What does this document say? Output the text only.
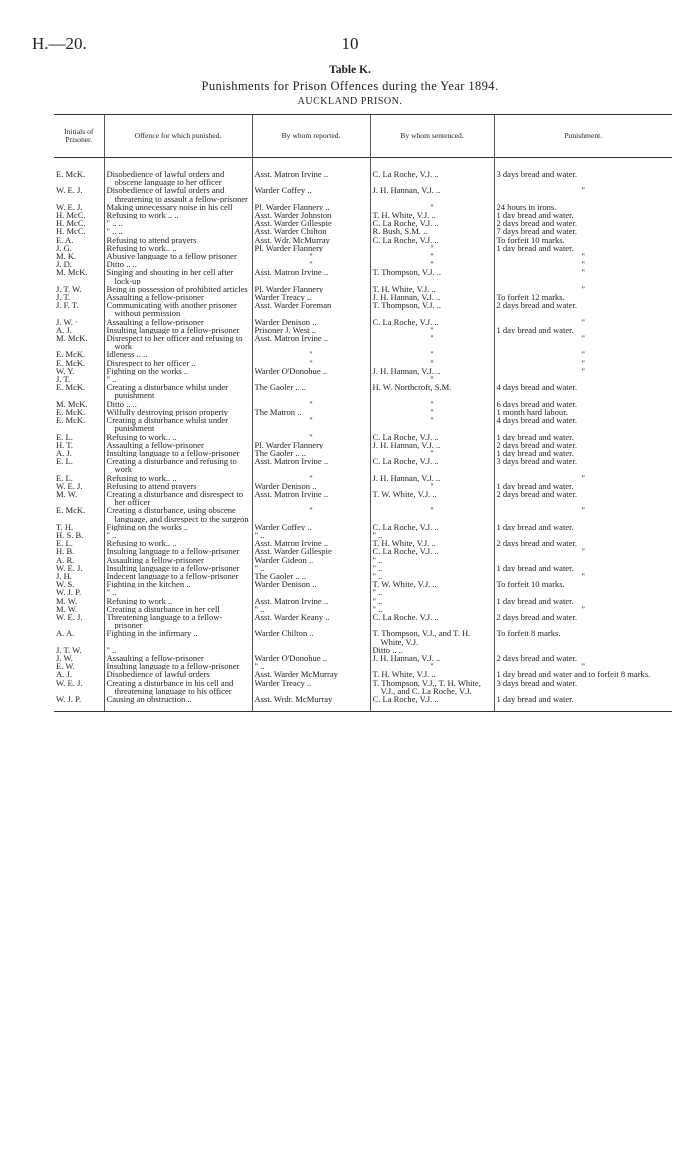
H.—20.	10
Table K.
Punishments for Prison Offences during the Year 1894.
AUCKLAND PRISON.
Initials of Prisoner.	Offence for which punished.	By whom reported.	By whom sentenced.	Punishment.
E. McK.	Disobedience of lawful orders and obscene language to her officer	Asst. Matron Irvine ..	C. La Roche, V.J. ..	3 days bread and water.
W. E. J.	Disobedience of lawful orders and threatening to assault a fellow-prisoner	Warder Coffey ..	J. H. Hannan, V.J. ..	"
W. E. J.	Making unnecessary noise in his cell	Pl. Warder Flannery ..	"	24 hours in irons.
H. McC.	Refusing to work .. ..	Asst. Warder Johnston	T. H. White, V.J. ..	1 day bread and water.
H. McC.	" .. ..	Asst. Warder Gillespie	C. La Roche, V.J. ..	2 days bread and water.
H. McC.	" .. ..	Asst. Warder Chilton	R. Bush, S.M. ..	7 days bread and water.
E. A.	Refusing to attend prayers	Asst. Wdr. McMurray	C. La Roche, V.J. ..	To forfeit 10 marks.
J. G.	Refusing to work.. ..	Pl. Warder Flannery	"	1 day bread and water.
M. K.	Abusive language to a fellow prisoner	"	"	"
J. D.	Ditto .. ..	"	"	"
M. McK.	Singing and shouting in her cell after lock-up	Asst. Matron Irvine ..	T. Thompson, V.J. ..	"
J. T. W.	Being in possession of prohibited articles	Pl. Warder Flannery	T. H. White, V.J. ..	"
J. T.	Assaulting a fellow-prisoner	Warder Treacy ..	J. H. Hannan, V.J. ..	To forfeit 12 marks.
J. F. T.	Communicating with another prisoner without permission	Asst. Warder Foreman	T. Thompson, V.J. ..	2 days bread and water.
J. W. ·	Assaulting a fellow-prisoner	Warder Denison ..	C. La Roche, V.J. ..	"
A. J.	Insulting language to a fellow-prisoner	Prisoner J. West ..	"	1 day bread and water.
M. McK.	Disrespect to her officer and refusing to work	Asst. Matron Irvine ..	"	"
E. McK.	Idleness .. ..	"	"	"
E. McK.	Disrespect to her officer ..	"	"	"
W. Y.	Fighting on the works ..	Warder O'Donohue ..	J. H. Hannan, V.J. ..	"
J. T.	" ..		"	
E. McK.	Creating a disturbance whilst under punishment	The Gaoler .. ..	H. W. Northcroft, S.M.	4 days bread and water.
M. McK.	Ditto .. ..	"	"	6 days bread and water.
E. McK.	Wilfully destroying prison property	The Matron ..	"	1 month hard labour.
E. McK.	Creating a disturbance whilst under punishment	"	"	4 days bread and water.
E. L.	Refusing to work.. ..	"	C. La Roche, V.J. ..	1 day bread and water.
H. T.	Assaulting a fellow-prisoner	Pl. Warder Flannery	J. H. Hannan, V.J. ..	2 days bread and water.
A. J.	Insulting language to a fellow-prisoner	The Gaoler .. ..	"	1 day bread and water.
E. L.	Creating a disturbance and refusing to work	Asst. Matron Irvine ..	C. La Roche, V.J. ..	3 days bread and water.
E. L.	Refusing to work.. ..	"	J. H. Hannan, V.J. ..	"
W. E. J.	Refusing to attend prayers	Warder Denison ..	"	1 day bread and water.
M. W.	Creating a disturbance and disrespect to her officer	Asst. Matron Irvine ..	T. W. White, V.J. ..	2 days bread and water.
E. McK.	Creating a disturbance, using obscene language, and disrespect to the surgeon	"	"	"
T. H.	Fighting on the works ..	Warder Coffey ..	C. La Roche, V.J. ..	1 day bread and water.
H. S. B.	" ..	" ..	" ..	
E. L.	Refusing to work.. ..	Asst. Matron Irvine ..	T. H. White, V.J. ..	2 days bread and water.
H. B.	Insulting language to a fellow-prisoner	Asst. Warder Gillespie	C. La Roche, V.J. ..	"
A. R.	Assaulting a fellow-prisoner	Warder Gideon ..	" ..	
W. E. J.	Insulting language to a fellow-prisoner	" ..	" ..	1 day bread and water.
J. H.	Indecent language to a fellow-prisoner	The Gaoler .. ..	" ..	"
W. S.	Fighting in the kitchen ..	Warder Denison ..	T. W. White, V.J. ..	To forfeit 10 marks.
W. J. P.	" ..		" ..	
M. W.	Refusing to work ..	Asst. Matron Irvine ..	" ..	1 day bread and water.
M. W.	Creating a disturbance in her cell	" ..	" ..	"
W. E. J.	Threatening language to a fellow-prisoner	Asst. Warder Keany ..	C. La Roche. V.J. ..	2 days bread and water.
A. A.	Fighting in the infirmary ..	Warder Chilton ..	T. Thompson, V.J., and T. H. White, V.J.	To forfeit 8 marks.
J. T. W.	" ..		Ditto .. ..	
J. W.	Assaulting a fellow-prisoner	Warder O'Donohue ..	J. H. Hannan, V.J. ..	2 days bread and water.
E. W.	Insulting language to a fellow-prisoner	" ..	"	"
A. J.	Disobedience of lawful orders	Asst. Warder McMurray	T. H. White, V.J. ..	1 day bread and water and to forfeit 8 marks.
W. E. J.	Creating a disturbance in his cell and threatening language to his officer	Warder Treacy ..	T. Thompson, V.J., T. H. White, V.J., and C. La Roche, V.J.	3 days bread and water.
W. J. P.	Causing an obstruction ..	Asst. Wrdr. McMurray	C. La Roche, V.J. ..	1 day bread and water.
